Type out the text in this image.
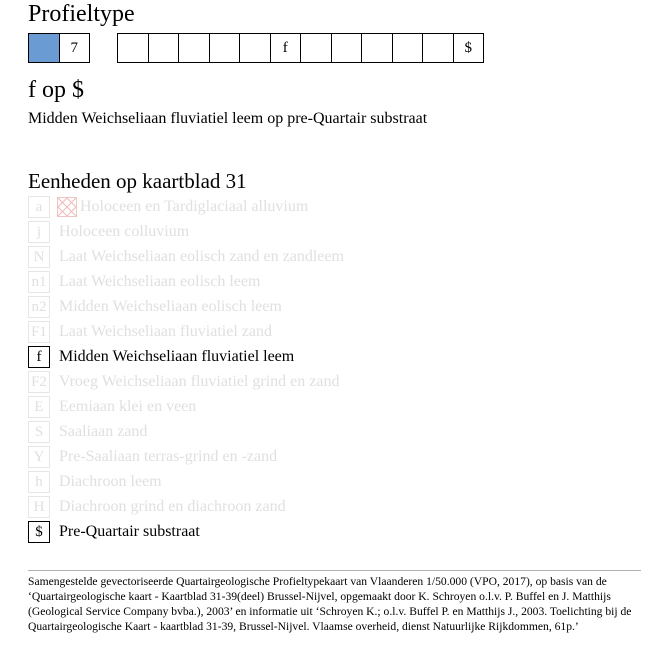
Profieltype
7	f	$
f op $
Midden Weichseliaan fluviatiel leem op pre-Quartair substraat
Eenheden op kaartblad 31
a	Holoceen en Tardiglaciaal alluvium
j	Holoceen colluvium
N Laat Weichseliaan eolisch zand en zandleem
n1 Laat Weichseliaan eolisch leem
n2 Midden Weichseliaan eolisch leem
F1 Laat Weichseliaan fluviatiel zand
f	Midden Weichseliaan fluviatiel leem
F2 Vroeg Weichseliaan fluviatiel grind en zand
E Eemiaan klei en veen
S Saaliaan zand
Y Pre-Saaliaan terras-grind en -zand
h	Diachroon leem
H Diachroon grind en diachroon zand
$	Pre-Quartair substraat
Samengestelde gevectoriseerde Quartairgeologische Profieltypekaart van Vlaanderen 1/50.000 (VPO, 2017), op basis van de ‘Quartairgeologische kaart - Kaartblad 31-39(deel) Brussel-Nijvel, opgemaakt door K. Schroyen o.l.v. P. Buffel en J. Matthijs (Geological Service Company bvba.), 2003’ en informatie uit ‘Schroyen K.; o.l.v. Buffel P. en Matthijs J., 2003. Toelichting bij de Quartairgeologische Kaart - kaartblad 31-39, Brussel-Nijvel. Vlaamse overheid, dienst Natuurlijke Rijkdommen, 61p.’
